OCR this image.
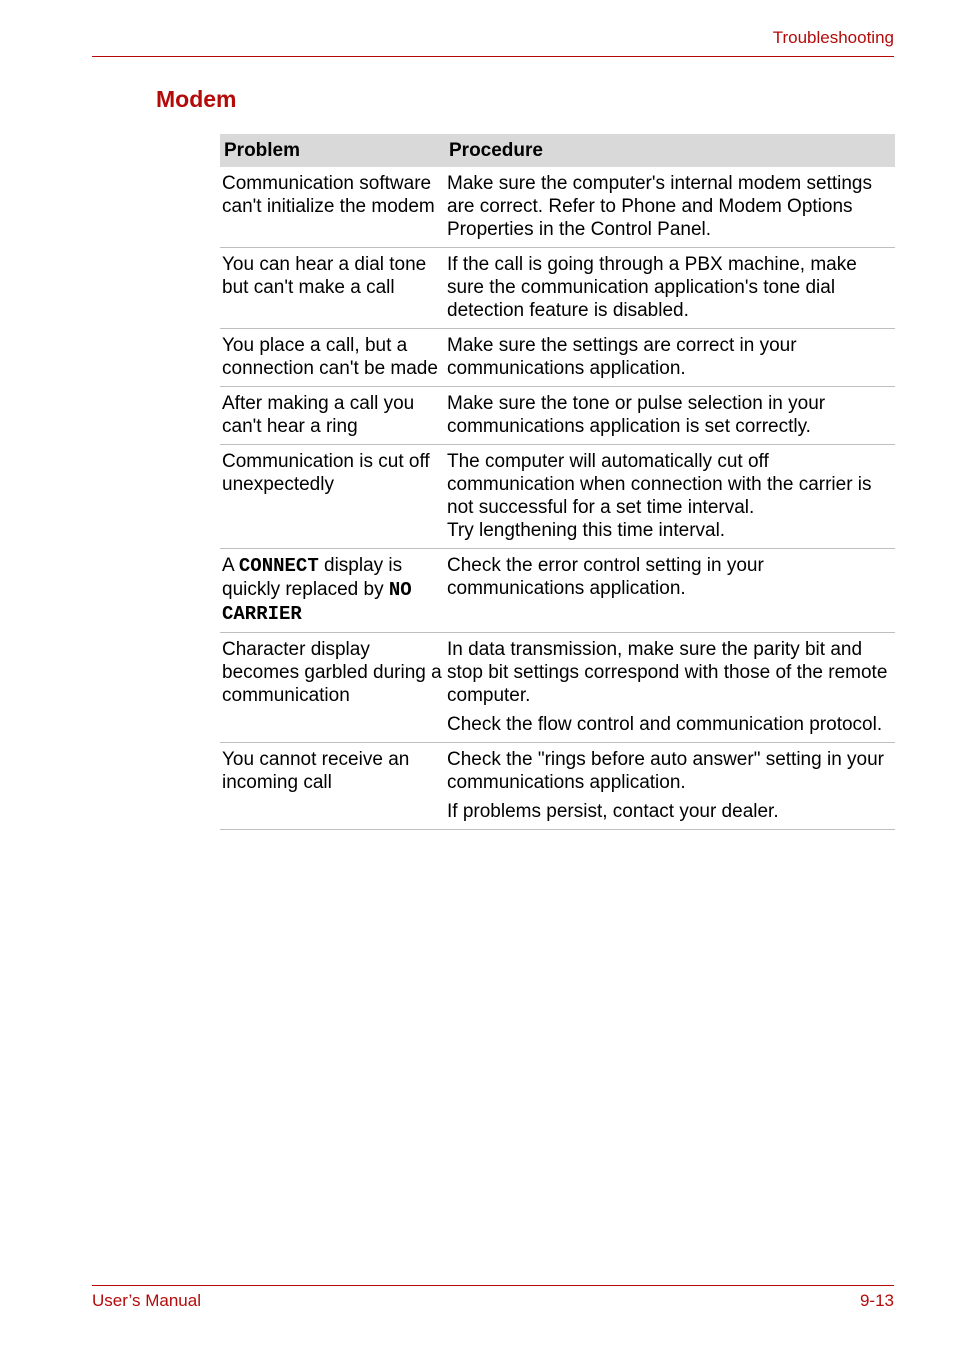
Troubleshooting
Modem
Problem	Procedure
Communication software can't initialize the modem	Make sure the computer's internal modem settings are correct. Refer to Phone and Modem Options Properties in the Control Panel.

You can hear a dial tone but can't make a call	If the call is going through a PBX machine, make sure the communication application's tone dial detection feature is disabled.

You place a call, but a connection can't be made	Make sure the settings are correct in your communications application.

After making a call you can't hear a ring	Make sure the tone or pulse selection in your communications application is set correctly.

Communication is cut off unexpectedly	The computer will automatically cut off communication when connection with the carrier is not successful for a set time interval.
Try lengthening this time interval.

A CONNECT display is quickly replaced by NO CARRIER	Check the error control setting in your communications application.

Character display becomes garbled during a communication	In data transmission, make sure the parity bit and stop bit settings correspond with those of the remote computer.

Check the flow control and communication protocol.

You cannot receive an incoming call	Check the "rings before auto answer" setting in your communications application.

If problems persist, contact your dealer.

User’s Manual	9-13
